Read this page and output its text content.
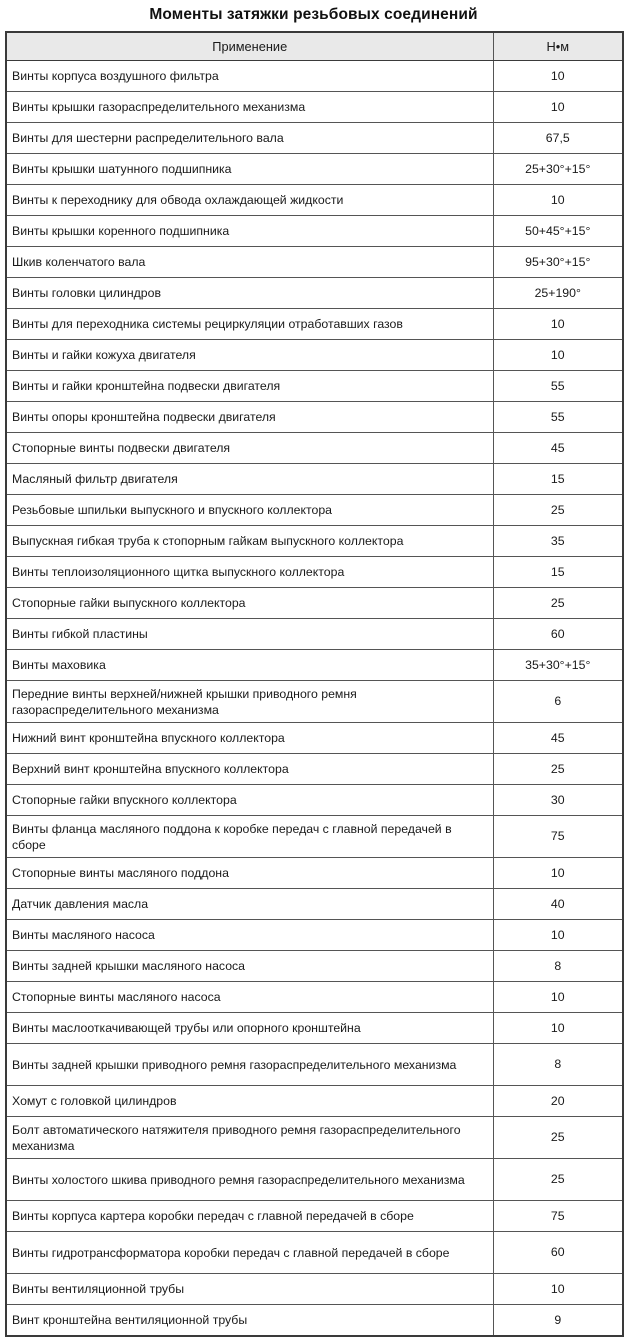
Моменты затяжки резьбовых соединений
Применение	Н•м
Винты корпуса воздушного фильтра	10
Винты крышки газораспределительного механизма	10
Винты для шестерни распределительного вала	67,5
Винты крышки шатунного подшипника	25+30°+15°
Винты к переходнику для обвода охлаждающей жидкости	10
Винты крышки коренного подшипника	50+45°+15°
Шкив коленчатого вала	95+30°+15°
Винты головки цилиндров	25+190°
Винты для переходника системы рециркуляции отработавших газов	10
Винты и гайки кожуха двигателя	10
Винты и гайки кронштейна подвески двигателя	55
Винты опоры кронштейна подвески двигателя	55
Стопорные винты подвески двигателя	45
Масляный фильтр двигателя	15
Резьбовые шпильки выпускного и впускного коллектора	25
Выпускная гибкая труба к стопорным гайкам выпускного коллектора	35
Винты теплоизоляционного щитка выпускного коллектора	15
Стопорные гайки выпускного коллектора	25
Винты гибкой пластины	60
Винты маховика	35+30°+15°
Передние винты верхней/нижней крышки приводного ремня газораспределительного механизма	6
Нижний винт кронштейна впускного коллектора	45
Верхний винт кронштейна впускного коллектора	25
Стопорные гайки впускного коллектора	30
Винты фланца масляного поддона к коробке передач с главной передачей в сборе	75
Стопорные винты масляного поддона	10
Датчик давления масла	40
Винты масляного насоса	10
Винты задней крышки масляного насоса	8
Стопорные винты масляного насоса	10
Винты маслооткачивающей трубы или опорного кронштейна	10
Винты задней крышки приводного ремня газораспределительного механизма	8
Хомут с головкой цилиндров	20
Болт автоматического натяжителя приводного ремня газораспределительного механизма	25
Винты холостого шкива приводного ремня газораспределительного механизма	25
Винты корпуса картера коробки передач с главной передачей в сборе	75
Винты гидротрансформатора коробки передач с главной передачей в сборе	60
Винты вентиляционной трубы	10
Винт кронштейна вентиляционной трубы	9
